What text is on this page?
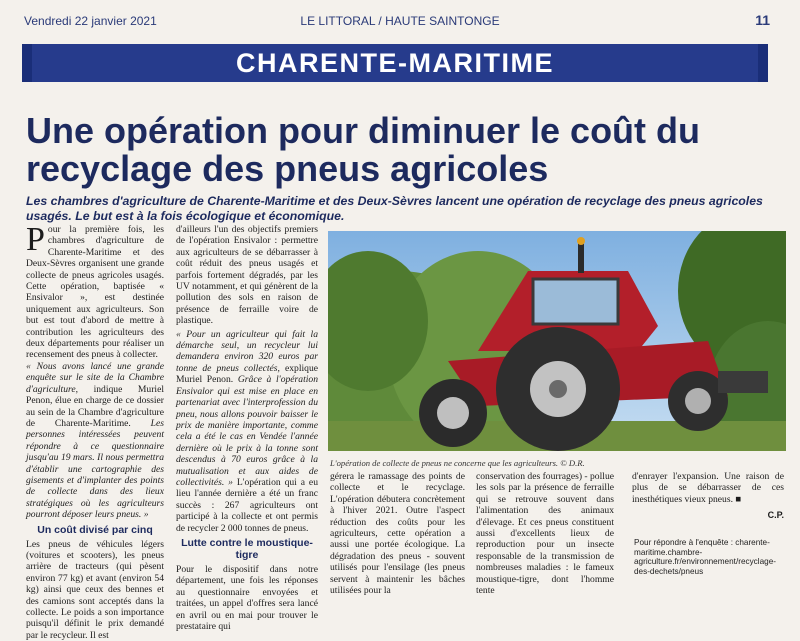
Vendredi 22 janvier 2021	LE LITTORAL / HAUTE SAINTONGE	11
CHARENTE-MARITIME
Une opération pour diminuer le coût du recyclage des pneus agricoles
Les chambres d'agriculture de Charente-Maritime et des Deux-Sèvres lancent une opération de recyclage des pneus agricoles usagés. Le but est à la fois écologique et économique.

Pour la première fois, les chambres d'agriculture de Charente-Maritime et des Deux-Sèvres organisent une grande collecte de pneus agricoles usagés. Cette opération, baptisée « Ensivalor », est destinée uniquement aux agriculteurs. Son but est tout d'abord de mettre à contribution les agriculteurs des deux départements pour réaliser un recensement des pneus à collecter.

« Nous avons lancé une grande enquête sur le site de la Chambre d'agriculture, indique Muriel Penon, élue en charge de ce dossier au sein de la Chambre d'agriculture de Charente-Maritime. Les personnes intéressées peuvent répondre à ce questionnaire jusqu'au 19 mars. Il nous permettra d'établir une cartographie des gisements et d'implanter des points de collecte dans des lieux stratégiques où les agriculteurs pourront déposer leurs pneus. »

Un coût divisé par cinq

Les pneus de véhicules légers (voitures et scooters), les pneus arrière de tracteurs (qui pèsent environ 77 kg) et avant (environ 54 kg) ainsi que ceux des bennes et des camions sont acceptés dans la collecte. Le poids a son importance puisqu'il définit le prix demandé par le recycleur. Il est

d'ailleurs l'un des objectifs premiers de l'opération Ensivalor : permettre aux agriculteurs de se débarrasser à coût réduit des pneus usagés et parfois fortement dégradés, par les UV notamment, et qui génèrent de la pollution des sols en raison de présence de ferraille voire de plastique.

« Pour un agriculteur qui fait la démarche seul, un recycleur lui demandera environ 320 euros par tonne de pneus collectés, explique Muriel Penon. Grâce à l'opération Ensivalor qui est mise en place en partenariat avec l'interprofession du pneu, nous allons pouvoir baisser le prix de manière importante, comme cela a été le cas en Vendée l'année dernière où le prix à la tonne sont descendus à 70 euros grâce à la mutualisation et aux aides de collectivités. » L'opération qui a eu lieu l'année dernière a été un franc succès : 267 agriculteurs ont participé à la collecte et ont permis de recycler 2 000 tonnes de pneus.

Lutte contre le moustique-tigre

Pour le dispositif dans notre département, une fois les réponses au questionnaire envoyées et traitées, un appel d'offres sera lancé en avril ou en mai pour trouver le prestataire qui

L'opération de collecte de pneus ne concerne que les agriculteurs. © D.R.

gérera le ramassage des points de collecte et le recyclage. L'opération débutera concrètement à l'hiver 2021. Outre l'aspect réduction des coûts pour les agriculteurs, cette opération a aussi une portée écologique. La dégradation des pneus - souvent utilisés pour l'ensilage (les pneus servent à maintenir les bâches utilisées pour la

conservation des fourrages) - pollue les sols par la présence de ferraille qui se retrouve souvent dans l'alimentation des animaux d'élevage. Et ces pneus constituent aussi d'excellents lieux de reproduction pour un insecte responsable de la transmission de nombreuses maladies : le fameux moustique-tigre, dont l'homme tente

d'enrayer l'expansion. Une raison de plus de se débarrasser de ces inesthétiques vieux pneus. ■

C.P.
Pour répondre à l'enquête : charente-maritime.chambre-agriculture.fr/environnement/recyclage-des-dechets/pneus
